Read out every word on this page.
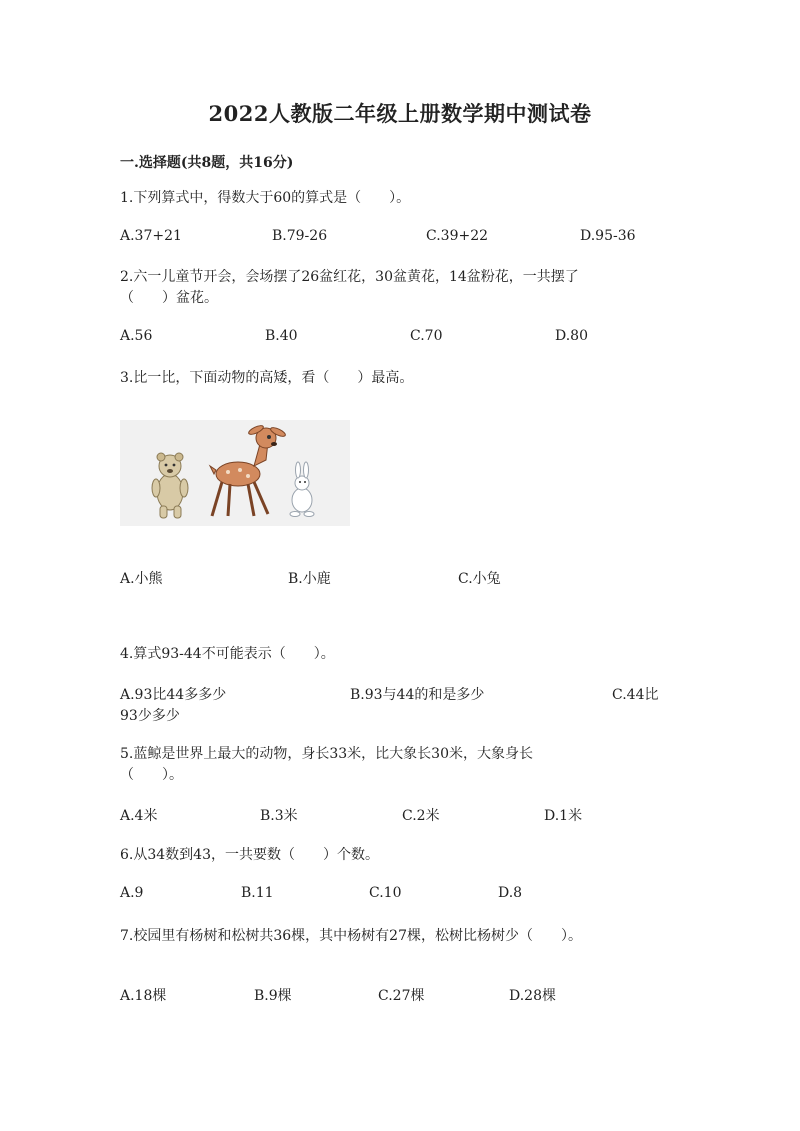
2022人教版二年级上册数学期中测试卷
一.选择题(共8题，共16分)
1.下列算式中，得数大于60的算式是（　　）。
A.37+21	B.79-26	C.39+22	D.95-36
2.六一儿童节开会，会场摆了26盆红花，30盆黄花，14盆粉花，一共摆了
（　　）盆花。
A.56	B.40	C.70	D.80
3.比一比，下面动物的高矮，看（　　）最高。
A.小熊	B.小鹿	C.小兔
4.算式93-44不可能表示（　　）。
A.93比44多多少	B.93与44的和是多少	C.44比
93少多少
5.蓝鲸是世界上最大的动物，身长33米，比大象长30米，大象身长
（　　）。
A.4米	B.3米	C.2米	D.1米
6.从34数到43，一共要数（　　）个数。
A.9	B.11	C.10	D.8
7.校园里有杨树和松树共36棵，其中杨树有27棵，松树比杨树少（　　）。
A.18棵	B.9棵	C.27棵	D.28棵
